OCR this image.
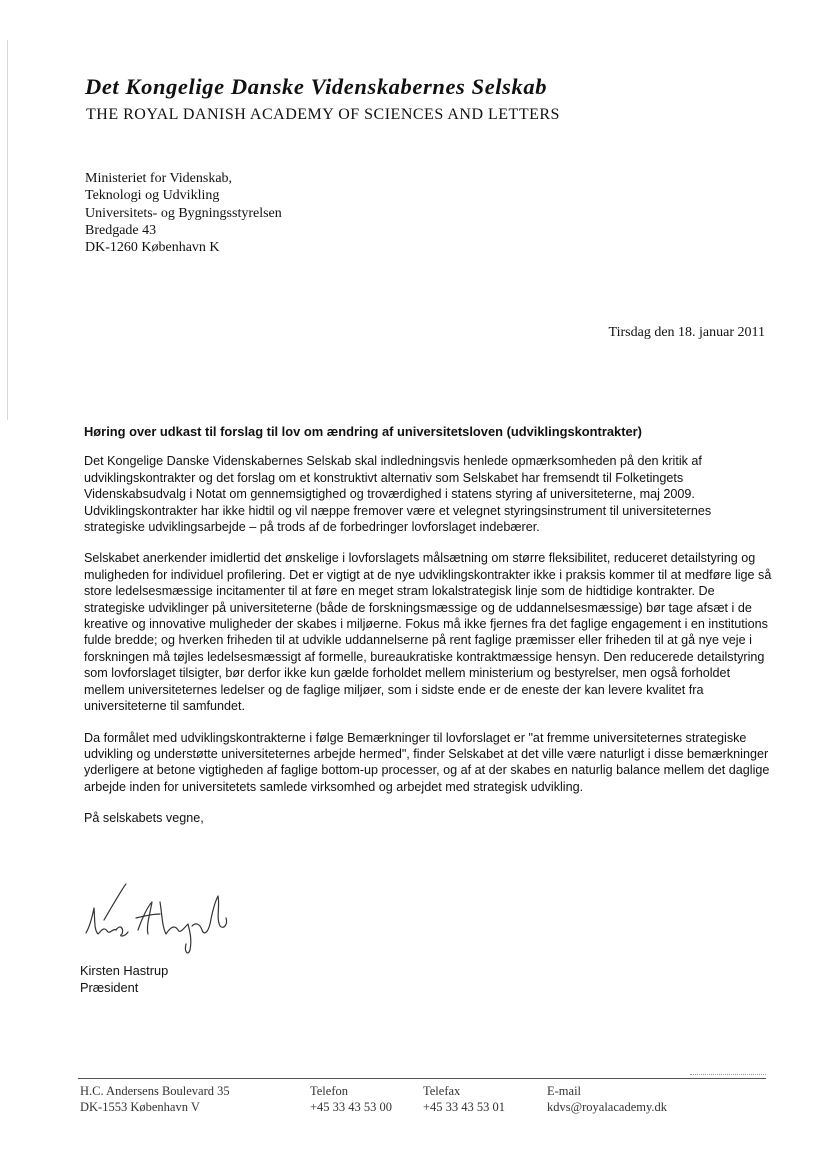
Det Kongelige Danske Videnskabernes Selskab
THE ROYAL DANISH ACADEMY OF SCIENCES AND LETTERS
Ministeriet for Videnskab,
Teknologi og Udvikling
Universitets- og Bygningsstyrelsen
Bredgade 43
DK-1260 København K
Tirsdag den 18. januar 2011
Høring over udkast til forslag til lov om ændring af universitetsloven (udviklingskontrakter)

Det Kongelige Danske Videnskabernes Selskab skal indledningsvis henlede opmærksomheden på den kritik af udviklingskontrakter og det forslag om et konstruktivt alternativ som Selskabet har fremsendt til Folketingets Videnskabsudvalg i Notat om gennemsigtighed og troværdighed i statens styring af universiteterne, maj 2009. Udviklingskontrakter har ikke hidtil og vil næppe fremover være et velegnet styringsinstrument til universiteternes strategiske udviklingsarbejde – på trods af de forbedringer lovforslaget indebærer.

Selskabet anerkender imidlertid det ønskelige i lovforslagets målsætning om større fleksibilitet, reduceret detailstyring og muligheden for individuel profilering. Det er vigtigt at de nye udviklingskontrakter ikke i praksis kommer til at medføre lige så store ledelsesmæssige incitamenter til at føre en meget stram lokalstrategisk linje som de hidtidige kontrakter. De strategiske udviklinger på universiteterne (både de forskningsmæssige og de uddannelsesmæssige) bør tage afsæt i de kreative og innovative muligheder der skabes i miljøerne. Fokus må ikke fjernes fra det faglige engagement i en institutions fulde bredde; og hverken friheden til at udvikle uddannelserne på rent faglige præmisser eller friheden til at gå nye veje i forskningen må tøjles ledelsesmæssigt af formelle, bureaukratiske kontraktmæssige hensyn. Den reducerede detailstyring som lovforslaget tilsigter, bør derfor ikke kun gælde forholdet mellem ministerium og bestyrelser, men også forholdet mellem universiteternes ledelser og de faglige miljøer, som i sidste ende er de eneste der kan levere kvalitet fra universiteterne til samfundet.

Da formålet med udviklingskontrakterne i følge Bemærkninger til lovforslaget er "at fremme universiteternes strategiske udvikling og understøtte universiteternes arbejde hermed", finder Selskabet at det ville være naturligt i disse bemærkninger yderligere at betone vigtigheden af faglige bottom-up processer, og af at der skabes en naturlig balance mellem det daglige arbejde inden for universitetets samlede virksomhed og arbejdet med strategisk udvikling.

På selskabets vegne,

Kirsten Hastrup
Præsident
H.C. Andersens Boulevard 35
DK-1553 København V
Telefon
+45 33 43 53 00
Telefax
+45 33 43 53 01
E-mail
kdvs@royalacademy.dk
